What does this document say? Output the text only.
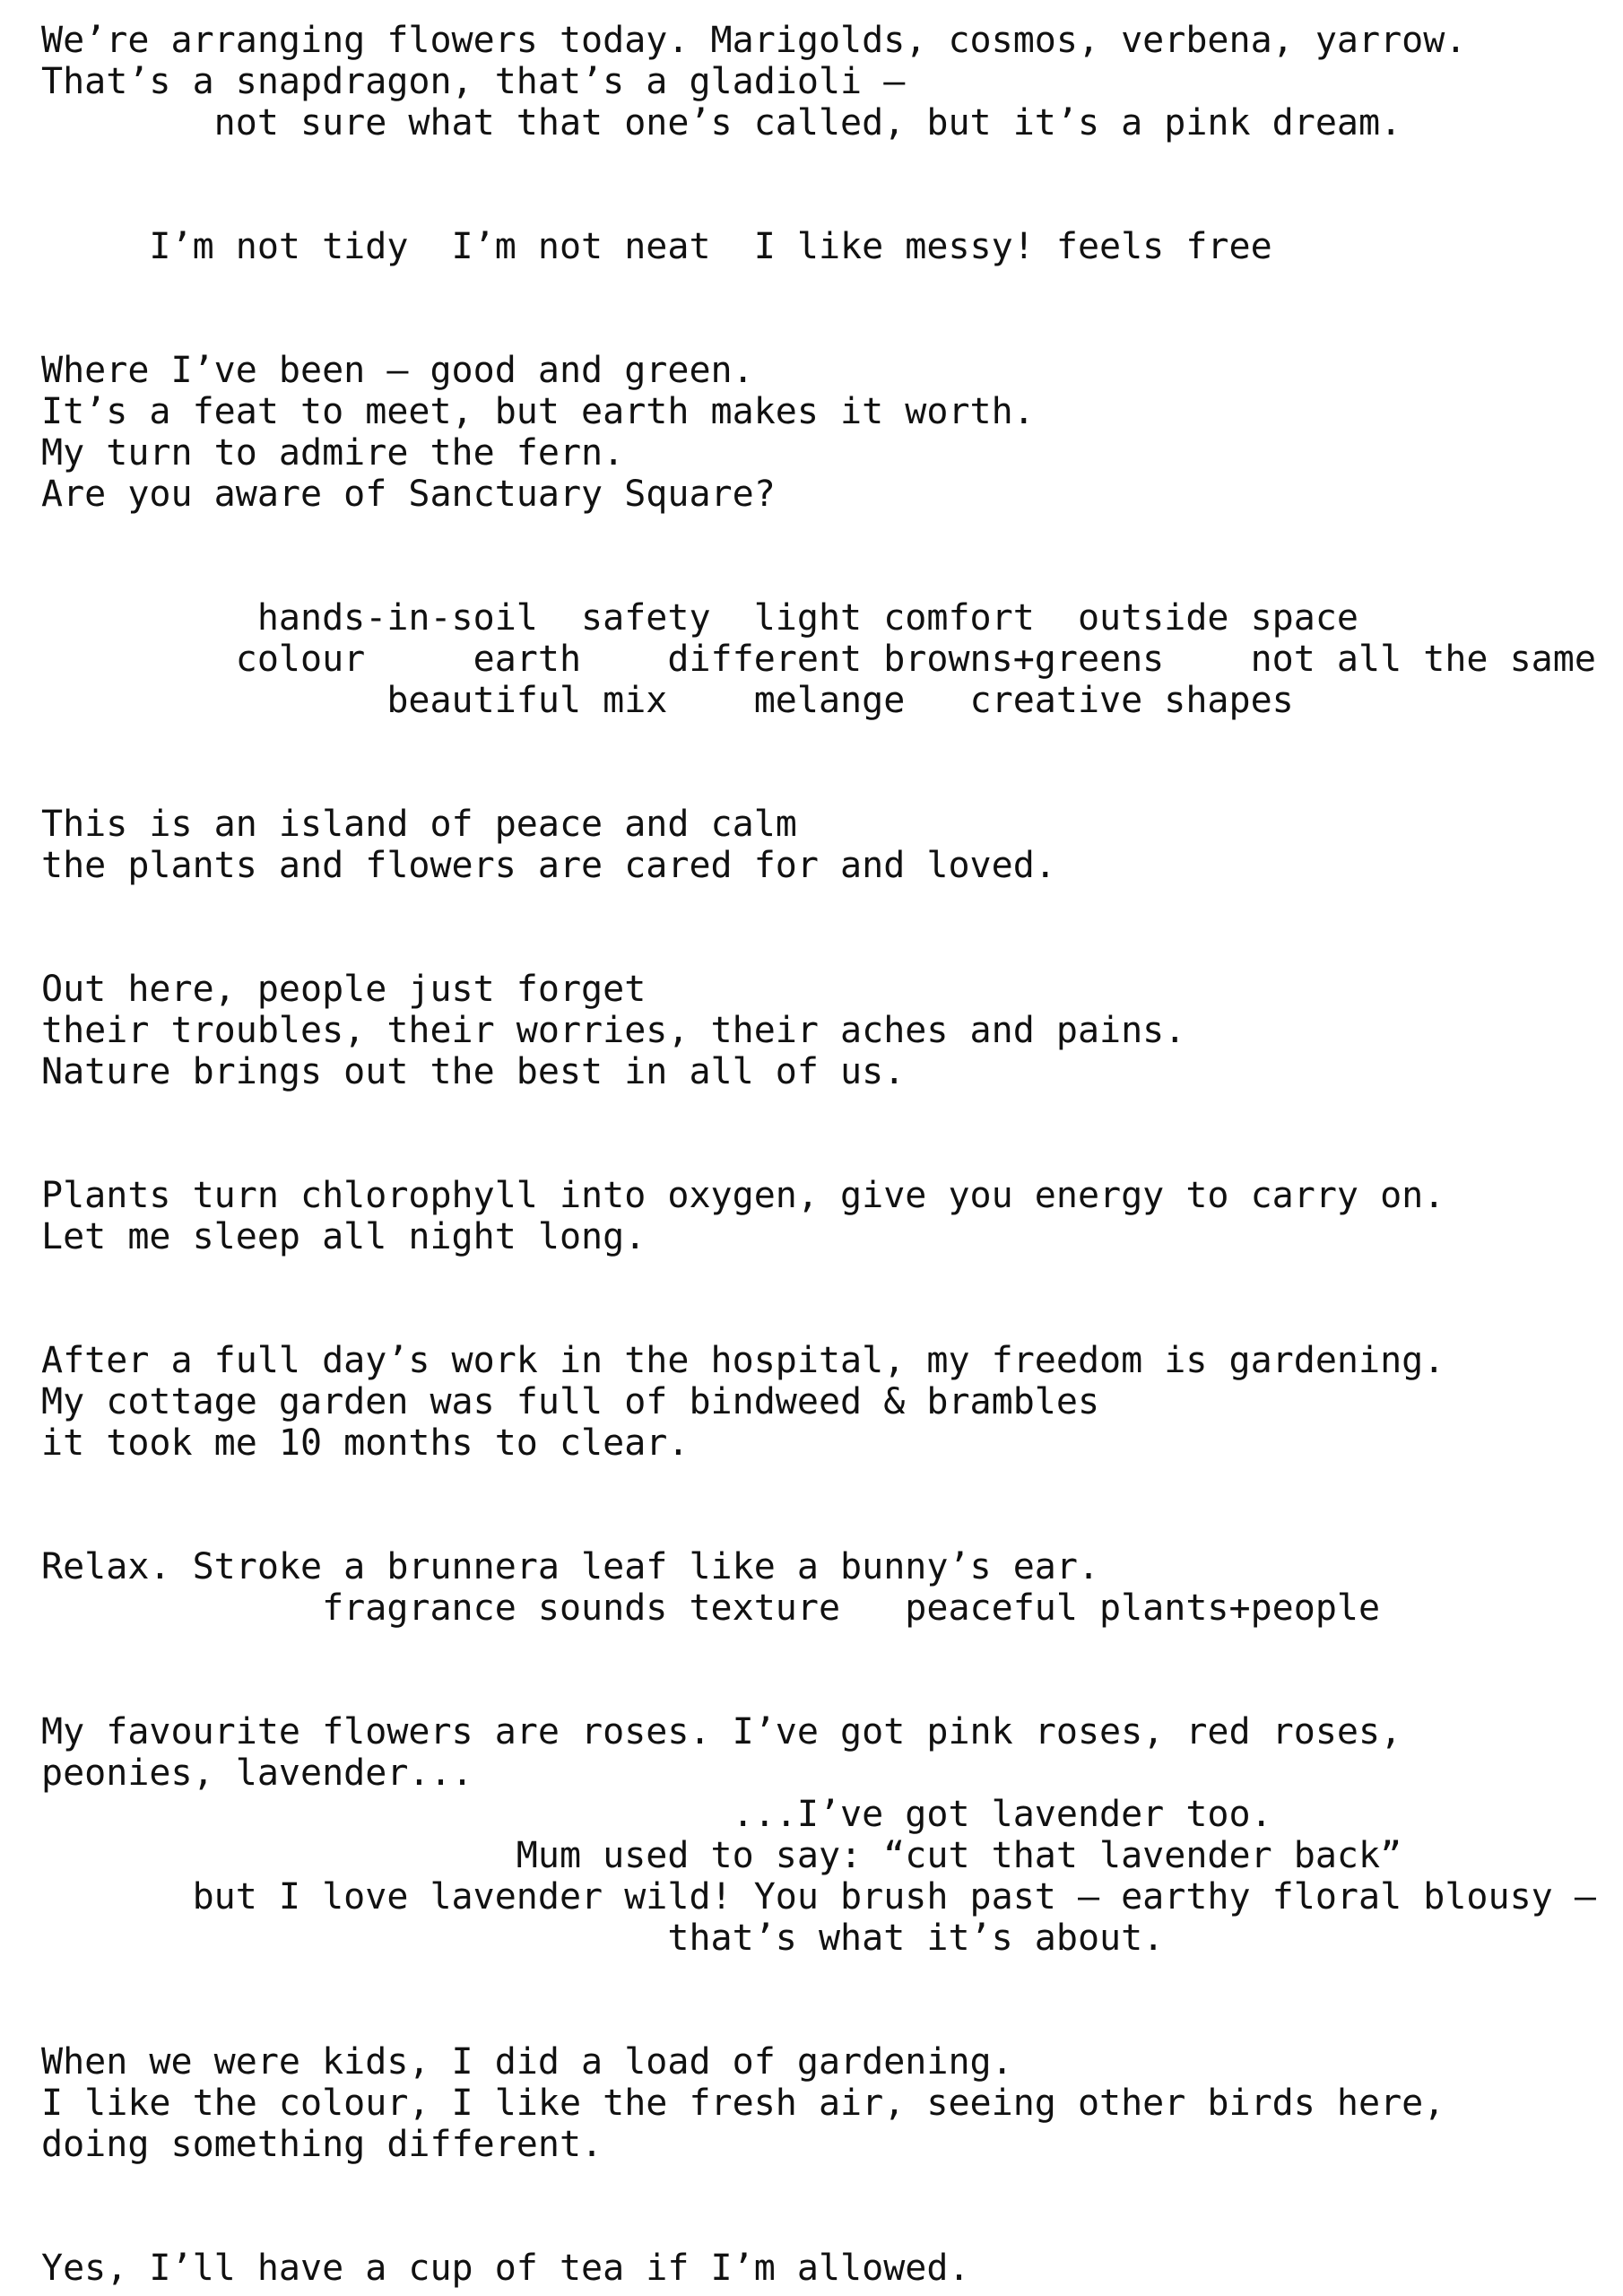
We’re arranging flowers today. Marigolds, cosmos, verbena, yarrow.
That’s a snapdragon, that’s a gladioli –
not sure what that one’s called, but it’s a pink dream.
I’m not tidy  I’m not neat  I like messy! feels free
Where I’ve been – good and green.
It’s a feat to meet, but earth makes it worth.
My turn to admire the fern.
Are you aware of Sanctuary Square?
hands-in-soil  safety  light comfort  outside space
colour     earth    different browns+greens    not all the same
beautiful mix    melange   creative shapes
This is an island of peace and calm
the plants and flowers are cared for and loved.
Out here, people just forget
their troubles, their worries, their aches and pains.
Nature brings out the best in all of us.
Plants turn chlorophyll into oxygen, give you energy to carry on.
Let me sleep all night long.
After a full day’s work in the hospital, my freedom is gardening.
My cottage garden was full of bindweed & brambles
it took me 10 months to clear.
Relax. Stroke a brunnera leaf like a bunny’s ear.
fragrance sounds texture   peaceful plants+people
My favourite flowers are roses. I’ve got pink roses, red roses,
peonies, lavender...
...I’ve got lavender too.
Mum used to say: “cut that lavender back”
but I love lavender wild! You brush past – earthy floral blousy –
that’s what it’s about.
When we were kids, I did a load of gardening.
I like the colour, I like the fresh air, seeing other birds here,
doing something different.
Yes, I’ll have a cup of tea if I’m allowed.
